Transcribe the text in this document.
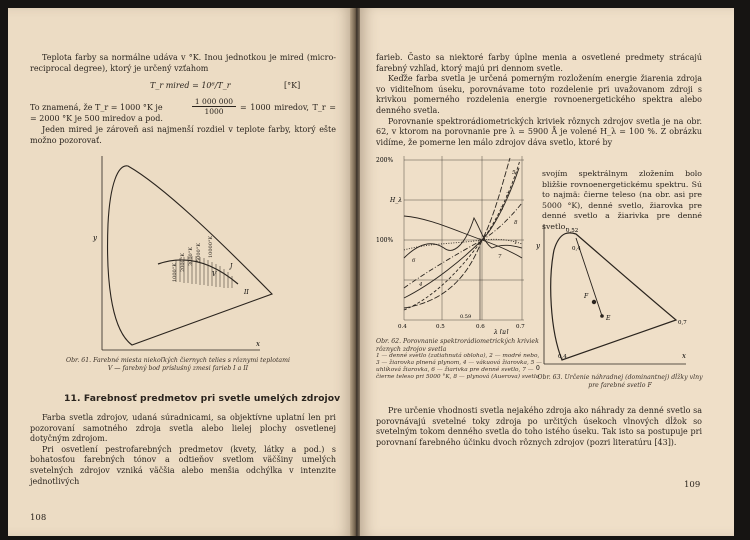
Teplota farby sa normálne udáva v °K. Inou jednotkou je mired (micro-reciprocal degree), ktorý je určený vzťahom

T_r mired = 10⁶/T_r	[°K]
To znamená, že T_r = 1000 °K je	$\frac{1 000 000}{1000} = 1000$ miredov, T_r = = 2000 °K je 500 miredov a pod.

Jeden mired je zároveň asi najmenší rozdiel v teplote farby, ktorý ešte možno pozorovať.

1000°K
2000°K 3000°K 5000°K 10000°K
V
J
II
y
x
Obr. 61. Farebné miesta niekoľkých čiernych telies s rôznymi teplotami V — farebný bod prísluśný zmesi farieb I a II
11. Farebnosť predmetov pri svetle umelých zdrojov

Farba svetla zdrojov, udaná súradnicami, sa objektívne uplatní len pri pozorovaní samotného zdroja svetla alebo lielej plochy osvetlenej dotyčným zdrojom.

Pri osvetlení pestrofarebných predmetov (kvety, látky a pod.) s bohatosťou farebných tónov a odtieňov svetlom väčšiny umelých svetelných zdrojov vzniká väčšia alebo menšia odchýlka v intenzite jednotlivých

108

farieb. Často sa niektoré farby úplne menia a osvetlené predmety strácajú farebný vzhľad, ktorý majú pri dennom svetle.

Keďže farba svetla je určená pomerným rozložením energie žiarenia zdroja vo viditeľnom úseku, porovnávame toto rozdelenie pri uvažovanom zdroji s krivkou pomerného rozdelenia energie rovnoenergetického spektra alebo denného svetla.

Porovnanie spektrorádiometrických kriviek rôznych zdrojov svetla je na obr. 62, v ktorom na porovnanie pre λ = 5900 Å je volené H_λ = 100 %. Z obrázku vidíme, že pomerne len málo zdrojov dáva svetlo, ktoré by

200%
100%
H_λ
0.4	0.5	0.6	0.7
0.59
λ [μ]
1
2
3
4
5
6
7
8

svojím spektrálnym zložením bolo bližšie rovnoenergetickému spektru. Sú to najmä: čierne teleso (na obr. asi pre 5000 °K), denné svetlo, žiarovka pre denné svetlo a žiarivka pre denné svetlo.

Obr. 62. Porovnanie spektrorádiometrických kriviek rôznych zdrojov svetla
1 — denné svetlo (zatiahnutá obloha), 2 — modré nebo, 3 — žiarovka plnená plynom, 4 — vákuová žiarovka, 5 — uhlíková žiarovka, 6 — žiarivka pre denné svetlo, 7 — čierne teleso pri 5000 °K, 8 — plynová (Auerova) svetlo
0,52
0,7
0,4
0,4
y
x
0
F
E
Obr. 63. Určenie náhradnej (dominantnej) dĺžky vlny pre farebné svetlo F

Pre určenie vhodnosti svetla nejakého zdroja ako náhrady za denné svetlo sa porovnávajú svetelné toky zdroja po určitých úsekoch vlnových dĺžok so svetelným tokom denného svetla do toho istého úseku. Tak isto sa postupuje pri porovnaní farebného účinku dvoch rôznych zdrojov (pozri literatúru [43]).

109
